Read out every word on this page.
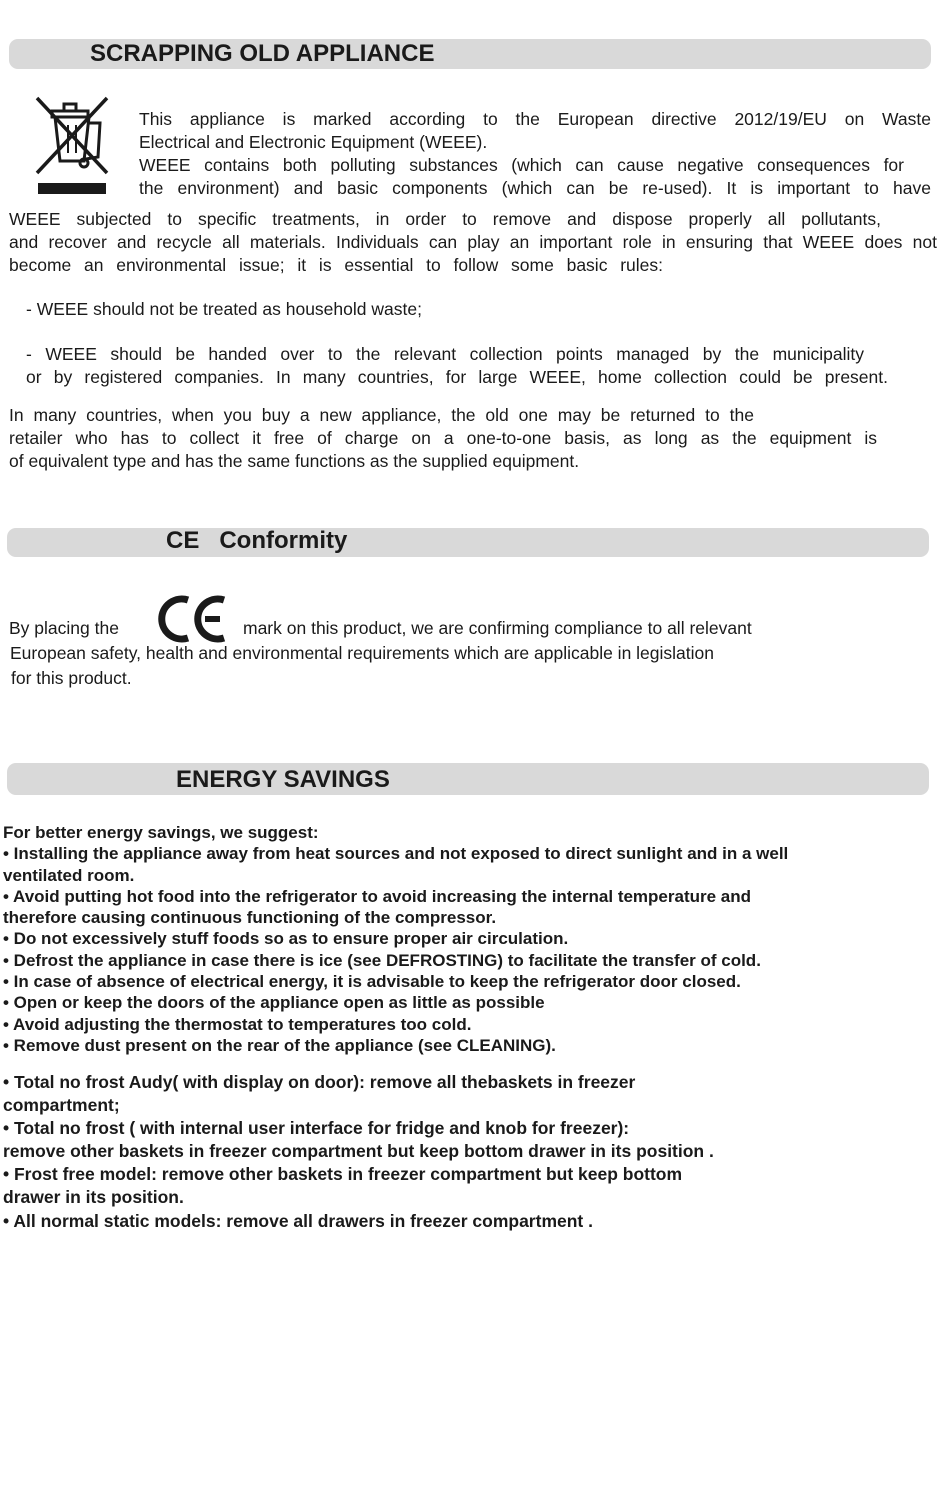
SCRAPPING OLD APPLIANCE
This appliance is marked according to the European directive 2012/19/EU on Waste
Electrical and Electronic Equipment (WEEE).
WEEE contains both polluting substances (which can cause negative consequences for
the environment) and basic components (which can be re-used). It is important to have
WEEE subjected to specific treatments, in order to remove and dispose properly all pollutants,
and recover and recycle all materials. Individuals can play an important role in ensuring that WEEE does not
become an environmental issue; it is essential to follow some basic rules:
- WEEE should not be treated as household waste;
- WEEE should be handed over to the relevant collection points managed by the municipality
or by registered companies. In many countries, for large WEEE, home collection could be present.
In many countries, when you buy a new appliance, the old one may be returned to the
retailer who has to collect it free of charge on a one-to-one basis, as long as the equipment is
of equivalent type and has the same functions as the supplied equipment.
CE   Conformity
By placing the	mark on this product, we are confirming compliance to all relevant
European safety, health and environmental requirements which are applicable in legislation
for this product.
ENERGY SAVINGS
For better energy savings, we suggest:
• Installing the appliance away from heat sources and not exposed to direct sunlight and in a well
ventilated room.
• Avoid putting hot food into the refrigerator to avoid increasing the internal temperature and
therefore causing continuous functioning of the compressor.
• Do not excessively stuff foods so as to ensure proper air circulation.
• Defrost the appliance in case there is ice (see DEFROSTING) to facilitate the transfer of cold.
• In case of absence of electrical energy, it is advisable to keep the refrigerator door closed.
• Open or keep the doors of the appliance open as little as possible
• Avoid adjusting the thermostat to temperatures too cold.
• Remove dust present on the rear of the appliance (see CLEANING).
• Total no frost Audy( with display on door): remove all thebaskets in freezer
compartment;
• Total no frost ( with internal user interface for fridge and knob for freezer):
remove other baskets in freezer compartment but keep bottom drawer in its position .
• Frost free model: remove other baskets in freezer compartment but keep bottom
drawer in its position.
• All normal static models: remove all drawers in freezer compartment .
